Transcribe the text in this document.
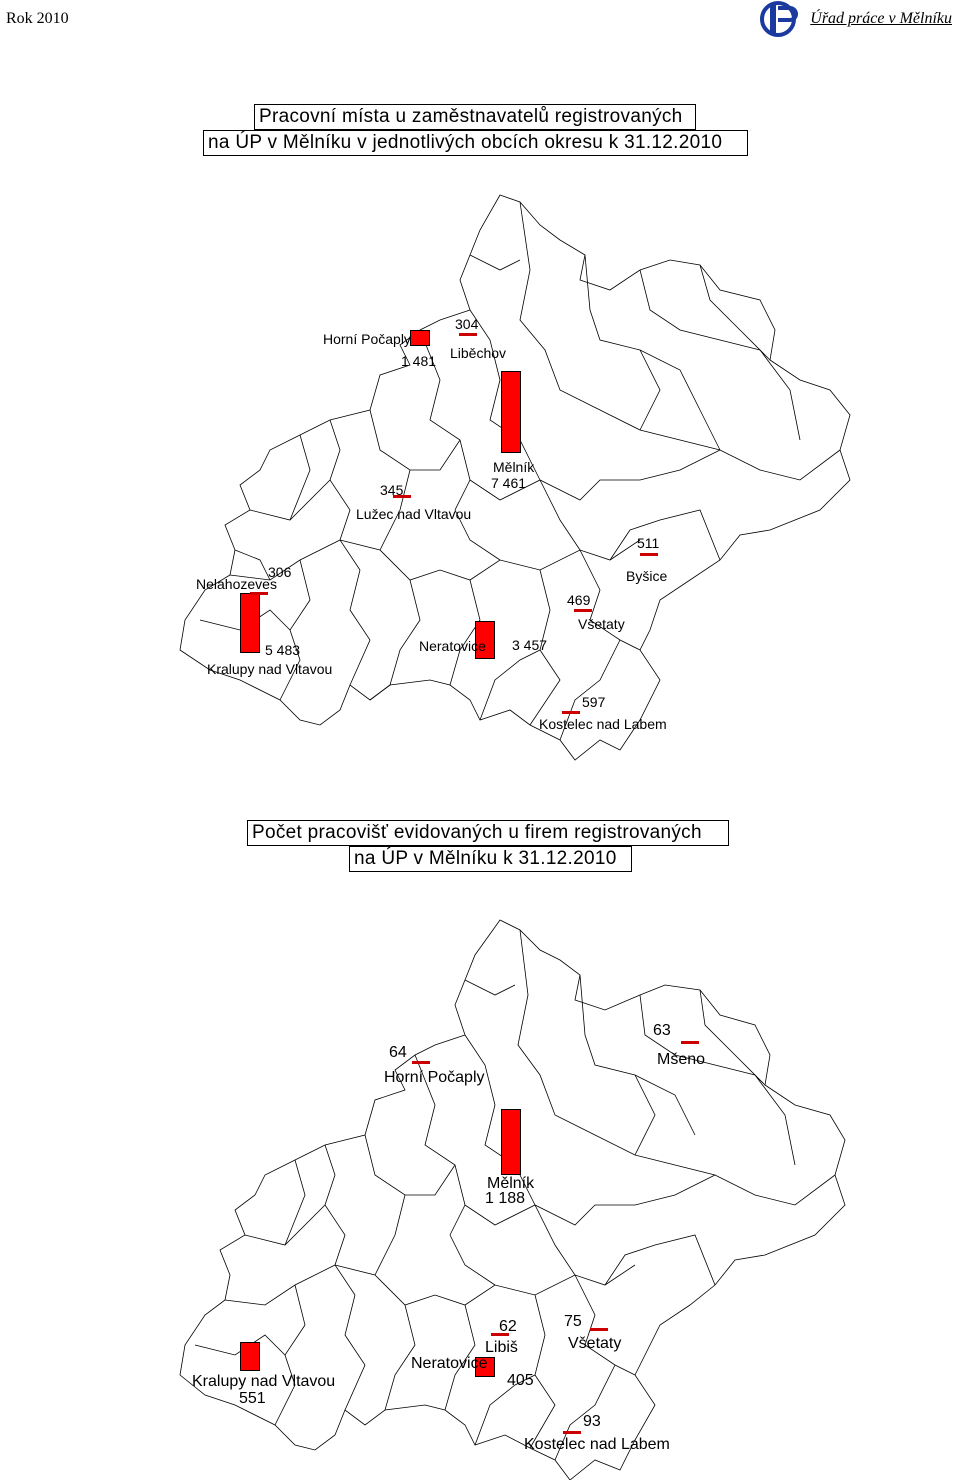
Rok 2010	Úřad práce v Mělníku
Pracovní místa u zaměstnavatelů registrovaných
na ÚP v Mělníku v jednotlivých obcích okresu k 31.12.2010
Horní Počaply
1 481
304
Liběchov
Mělník
7 461
345
Lužec nad Vltavou
306
Nelahozeves
5 483
Kralupy nad Vltavou
Neratovice 3 457
469
Všetaty
511
Byšice
597
Kostelec nad Labem
Počet pracovišť evidovaných u firem registrovaných
na ÚP v Mělníku k 31.12.2010
64
Horní Počaply
63
Mšeno
Mělník
1 188
62
Libiš
75
Všetaty
Neratovice
405
Kralupy nad Vltavou
551
93
Kostelec nad Labem
